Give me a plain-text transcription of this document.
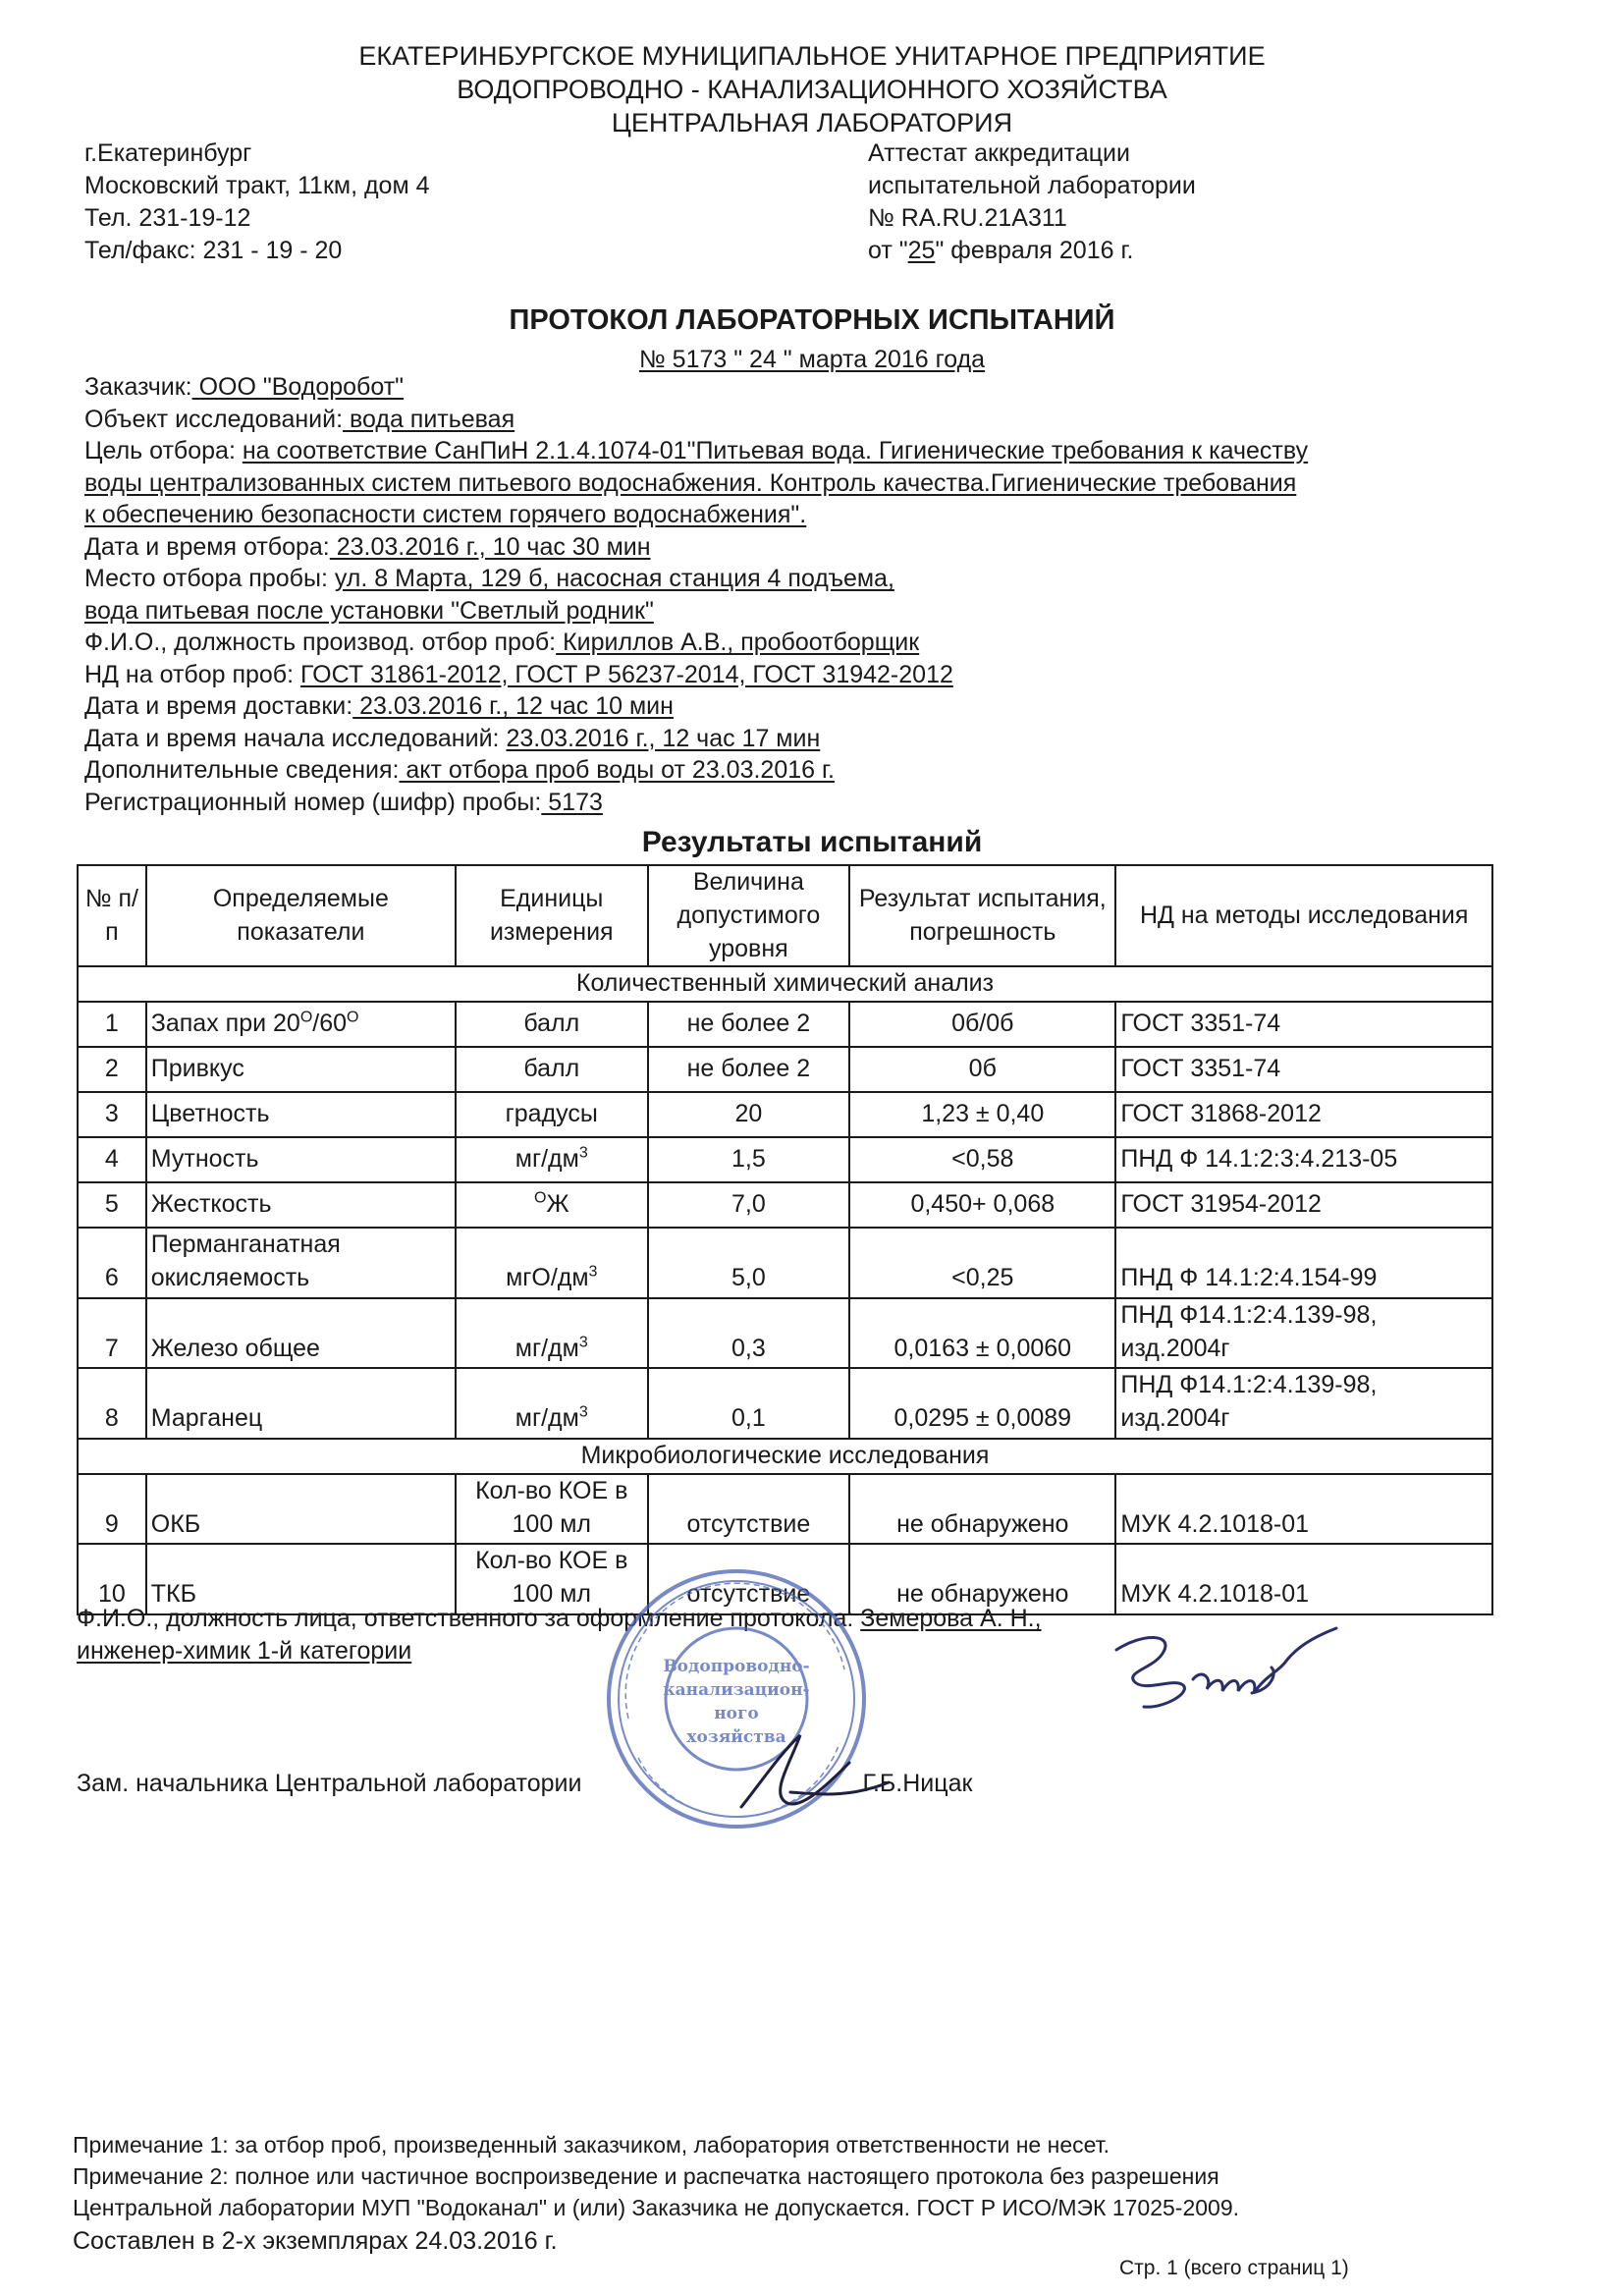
ЕКАТЕРИНБУРГСКОЕ МУНИЦИПАЛЬНОЕ УНИТАРНОЕ ПРЕДПРИЯТИЕ
ВОДОПРОВОДНО - КАНАЛИЗАЦИОННОГО ХОЗЯЙСТВА
ЦЕНТРАЛЬНАЯ ЛАБОРАТОРИЯ
г.Екатеринбург
Московский тракт, 11км, дом 4
Тел. 231-19-12
Тел/факс: 231 - 19 - 20
Аттестат аккредитации
испытательной лаборатории
№ RA.RU.21A311
от "25" февраля 2016 г.
ПРОТОКОЛ ЛАБОРАТОРНЫХ ИСПЫТАНИЙ
№ 5173 " 24 " марта 2016 года
Заказчик: ООО "Водоробот"
Объект исследований: вода питьевая
Цель отбора: на соответствие СанПиН 2.1.4.1074-01"Питьевая вода. Гигиенические требования к качеству
воды централизованных систем питьевого водоснабжения. Контроль качества.Гигиенические требования
к обеспечению безопасности систем горячего водоснабжения".
Дата и время отбора: 23.03.2016 г., 10 час 30 мин
Место отбора пробы: ул. 8 Марта, 129 б, насосная станция 4 подъема,
вода питьевая после установки "Светлый родник"
Ф.И.О., должность производ. отбор проб: Кириллов А.В., пробоотборщик
НД на отбор проб: ГОСТ 31861-2012, ГОСТ Р 56237-2014, ГОСТ 31942-2012
Дата и время доставки: 23.03.2016 г., 12 час 10 мин
Дата и время начала исследований: 23.03.2016 г., 12 час 17 мин
Дополнительные сведения: акт отбора проб воды от 23.03.2016 г.
Регистрационный номер (шифр) пробы: 5173
Результаты испытаний
№ п/п	Определяемые показатели	Единицы измерения	Величина допустимого уровня	Результат испытания, погрешность	НД на методы исследования
Количественный химический анализ					
1	Запах при $20^О/60^О$	балл	не более 2	0б/0б	ГОСТ 3351-74
2	Привкус	балл	не более 2	0б	ГОСТ 3351-74
3	Цветность	градусы	20	1,23 ± 0,40	ГОСТ 31868-2012
4	Мутность	$мг/дм^3$	1,5	<0,58	ПНД Ф 14.1:2:3:4.213-05
5	Жесткость	$^О$Ж	7,0	0,450+ 0,068	ГОСТ 31954-2012
6	Перманганатная
окисляемость	мгО/$дм^3$	5,0	<0,25	ПНД Ф 14.1:2:4.154-99
7	Железо общее	$мг/дм^3$	0,3	0,0163 ± 0,0060	ПНД Ф14.1:2:4.139-98,
изд.2004г

8	Марганец	$мг/дм^3$	0,1	0,0295 ± 0,0089	ПНД Ф14.1:2:4.139-98,
изд.2004г

Микробиологические исследования					
9	ОКБ	Кол-во КОЕ в
100 мл	отсутствие	не обнаружено	МУК 4.2.1018-01
10	ТКБ	Кол-во КОЕ в
100 мл	отсутствие	не обнаружено	МУК 4.2.1018-01
Ф.И.О., должность лица, ответственного за оформление протокола: Земерова А. Н.,
инженер-химик 1-й категории
Зам. начальника Центральной лаборатории	Г.Б.Ницак
Водопроводно-
канализацион-
ного
хозяйства
Примечание 1: за отбор проб, произведенный заказчиком, лаборатория ответственности не несет.
Примечание 2: полное или частичное воспроизведение и распечатка настоящего протокола без разрешения
Центральной лаборатории МУП "Водоканал" и (или) Заказчика не допускается. ГОСТ Р ИСО/МЭК 17025-2009.
Составлен в 2-х экземплярах 24.03.2016 г.
Стр. 1 (всего страниц 1)
